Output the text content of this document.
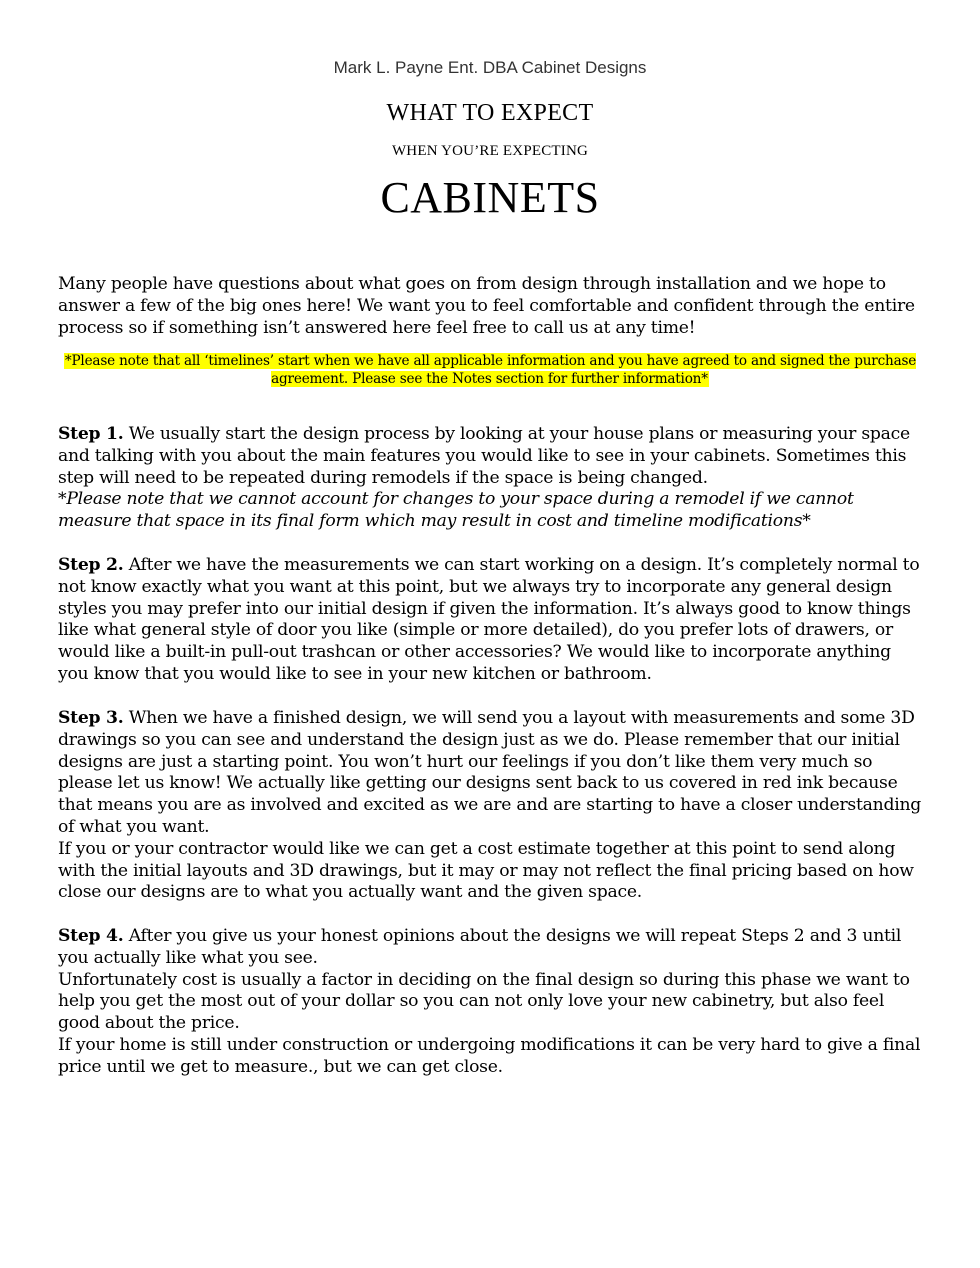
Mark L. Payne Ent. DBA Cabinet Designs
WHAT TO EXPECT
WHEN YOU’RE EXPECTING
CABINETS

Many people have questions about what goes on from design through installation and we hope to answer a few of the big ones here! We want you to feel comfortable and confident through the entire process so if something isn’t answered here feel free to call us at any time!

*Please note that all ‘timelines’ start when we have all applicable information and you have agreed to and signed the purchase agreement. Please see the Notes section for further information*

Step 1. We usually start the design process by looking at your house plans or measuring your space and talking with you about the main features you would like to see in your cabinets. Sometimes this step will need to be repeated during remodels if the space is being changed.

*Please note that we cannot account for changes to your space during a remodel if we cannot measure that space in its final form which may result in cost and timeline modifications*

Step 2. After we have the measurements we can start working on a design. It’s completely normal to not know exactly what you want at this point, but we always try to incorporate any general design styles you may prefer into our initial design if given the information. It’s always good to know things like what general style of door you like (simple or more detailed), do you prefer lots of drawers, or would like a built-in pull-out trashcan or other accessories? We would like to incorporate anything you know that you would like to see in your new kitchen or bathroom.

Step 3. When we have a finished design, we will send you a layout with measurements and some 3D drawings so you can see and understand the design just as we do. Please remember that our initial designs are just a starting point. You won’t hurt our feelings if you don’t like them very much so please let us know! We actually like getting our designs sent back to us covered in red ink because that means you are as involved and excited as we are and are starting to have a closer understanding of what you want.

If you or your contractor would like we can get a cost estimate together at this point to send along with the initial layouts and 3D drawings, but it may or may not reflect the final pricing based on how close our designs are to what you actually want and the given space.

Step 4. After you give us your honest opinions about the designs we will repeat Steps 2 and 3 until you actually like what you see.

Unfortunately cost is usually a factor in deciding on the final design so during this phase we want to help you get the most out of your dollar so you can not only love your new cabinetry, but also feel good about the price.

If your home is still under construction or undergoing modifications it can be very hard to give a final price until we get to measure., but we can get close.
